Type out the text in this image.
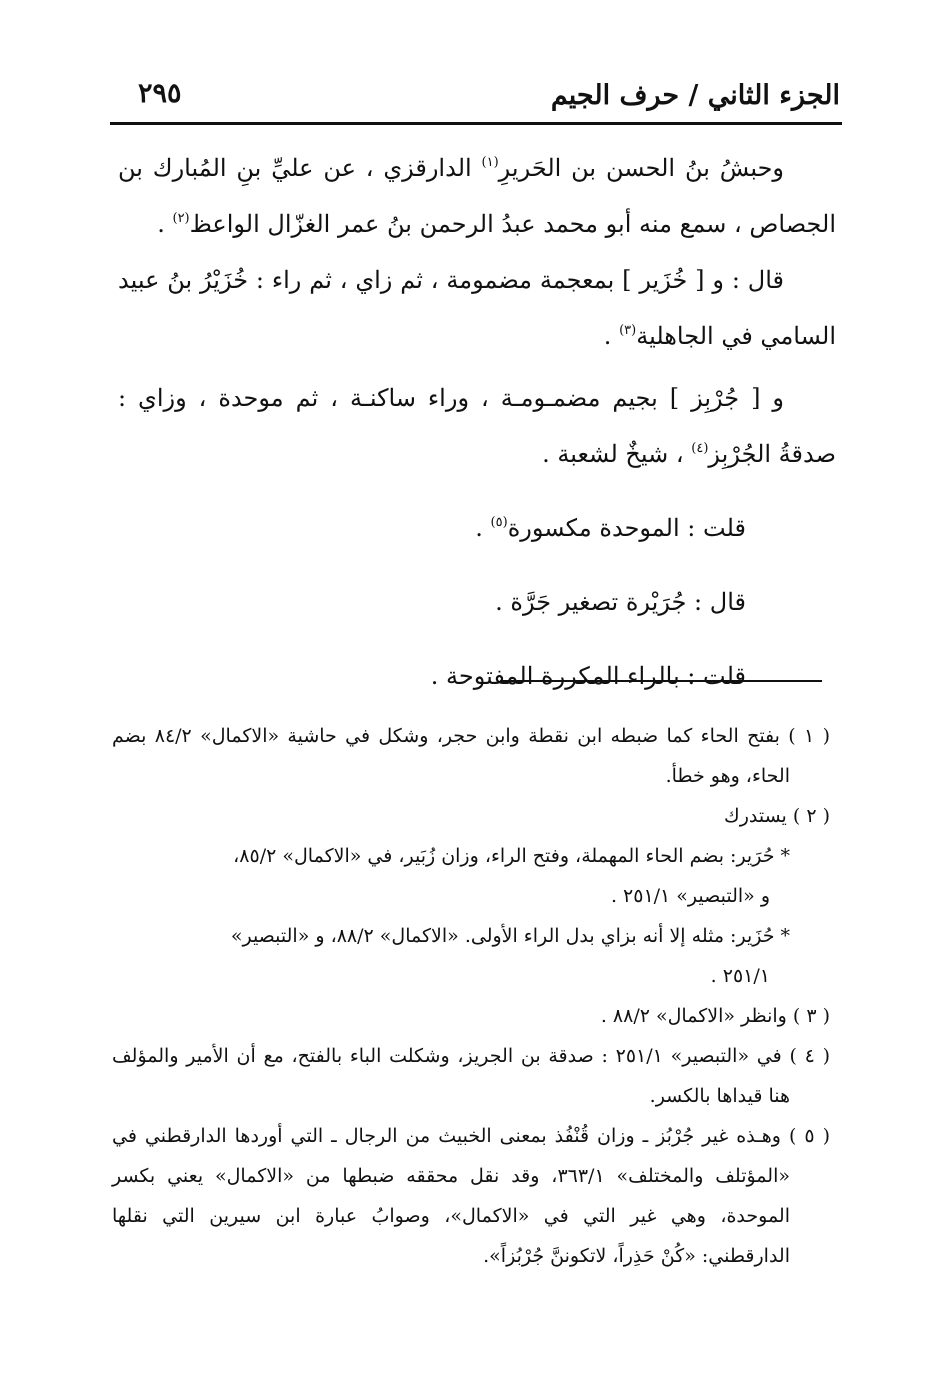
الجزء الثاني / حرف الجيم
٢٩٥

وحبشُ بنُ الحسن بن الحَريرِ$^{(١)}$ الدارقزي ، عن عليِّ بنِ المُبارك بن الجصاص ، سمع منه أبو محمد عبدُ الرحمن بنُ عمر الغزّال الواعظ$^{(٢)}$ .

قال : و [ خُزَير ] بمعجمة مضمومة ، ثم زاي ، ثم راء : خُزَيْرُ بنُ عبيد السامي في الجاهلية$^{(٣)}$ .

و [ جُرْبِز ] بجيم مضمـومـة ، وراء ساكنـة ، ثم موحدة ، وزاي : صدقةُ الجُرْبِز$^{(٤)}$ ، شيخٌ لشعبة .

قلت : الموحدة مكسورة$^{(٥)}$ .

قال : جُرَيْرة تصغير جَرَّة .

قلت : بالراء المكررة المفتوحة .

( ١ ) بفتح الحاء كما ضبطه ابن نقطة وابن حجر، وشكل في حاشية «الاكمال» ٨٤/٢ بضم الحاء، وهو خطأ.

( ٢ ) يستدرك

* حُرَير: بضم الحاء المهملة، وفتح الراء، وزان زُبَير، في «الاكمال» ٨٥/٢،

و «التبصير» ٢٥١/١ .

* حُزَير: مثله إلا أنه بزاي بدل الراء الأولى. «الاكمال» ٨٨/٢، و «التبصير»

٢٥١/١ .

( ٣ ) وانظر «الاكمال» ٨٨/٢ .

( ٤ ) في «التبصير» ٢٥١/١ : صدقة بن الجريز، وشكلت الباء بالفتح، مع أن الأمير والمؤلف هنا قيداها بالكسر.

( ٥ ) وهـذه غير جُرْبُز ـ وزان قُنْفُذ بمعنى الخبيث من الرجال ـ التي أوردها الدارقطني في «المؤتلف والمختلف» ٣٦٣/١، وقد نقل محققه ضبطها من «الاكمال» يعني بكسر الموحدة، وهي غير التي في «الاكمال»، وصوابُ عبارة ابن سيرين التي نقلها الدارقطني: «كُنْ حَذِراً، لاتكوننَّ جُرْبُزاً».
